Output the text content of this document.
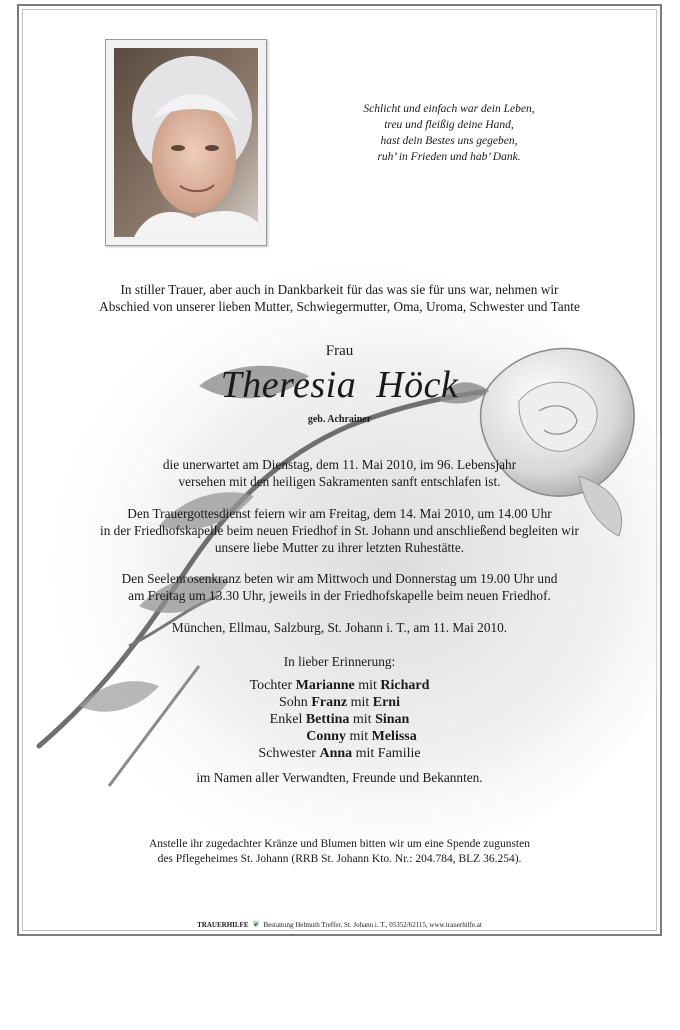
Schlicht und einfach war dein Leben,
treu und fleißig deine Hand,
hast dein Bestes uns gegeben,
ruh’ in Frieden und hab’ Dank.
In stiller Trauer, aber auch in Dankbarkeit für das was sie für uns war, nehmen wir
Abschied von unserer lieben Mutter, Schwiegermutter, Oma, Uroma, Schwester und Tante
Frau
Theresia  Höck
geb. Achrainer
die unerwartet am Dienstag, dem 11. Mai 2010, im 96. Lebensjahr
versehen mit den heiligen Sakramenten sanft entschlafen ist.
Den Trauergottesdienst feiern wir am Freitag, dem 14. Mai 2010, um 14.00 Uhr
in der Friedhofskapelle beim neuen Friedhof in St. Johann und anschließend begleiten wir
unsere liebe Mutter zu ihrer letzten Ruhestätte.
Den Seelenrosenkranz beten wir am Mittwoch und Donnerstag um 19.00 Uhr und
am Freitag um 13.30 Uhr, jeweils in der Friedhofskapelle beim neuen Friedhof.
München, Ellmau, Salzburg, St. Johann i. T., am 11. Mai 2010.
In lieber Erinnerung:
Tochter Marianne mit Richard
Sohn Franz mit Erni
Enkel Bettina mit Sinan
Conny mit Melissa
Schwester Anna mit Familie
im Namen aller Verwandten, Freunde und Bekannten.
Anstelle ihr zugedachter Kränze und Blumen bitten wir um eine Spende zugunsten
des Pflegeheimes St. Johann (RRB St. Johann Kto. Nr.: 204.784, BLZ 36.254).
TRAUERHILFE ❦ Bestattung Helmuth Treffer, St. Johann i. T., 05352/62115, www.trauerhilfe.at
